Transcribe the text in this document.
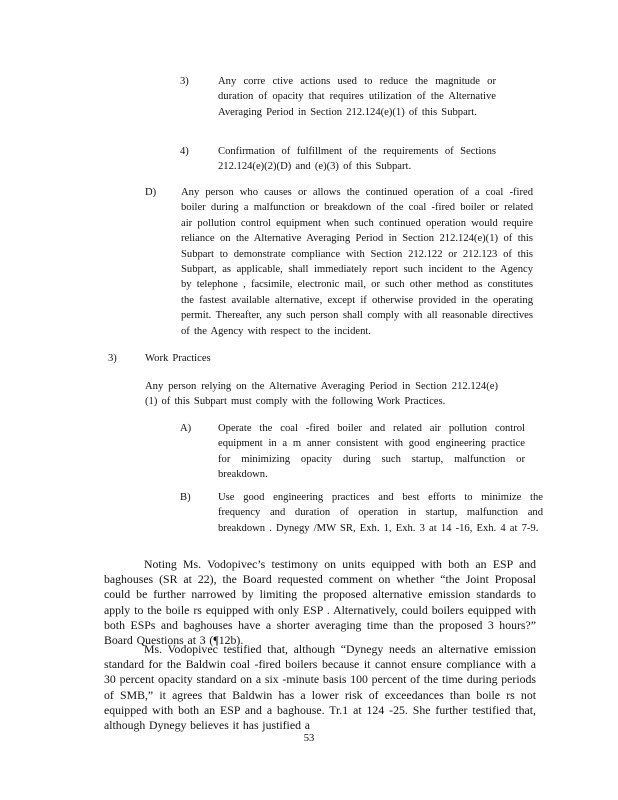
3)	Any corre ctive actions used to reduce the magnitude or duration of opacity that requires utilization of the Alternative Averaging Period in Section 212.124(e)(1) of this Subpart.
4)	Confirmation of fulfillment of the requirements of Sections 212.124(e)(2)(D) and (e)(3) of this Subpart.
D) Any person who causes or allows the continued operation of a coal -fired boiler during a malfunction or breakdown of the coal -fired boiler or related air pollution control equipment when such continued operation would require reliance on the Alternative Averaging Period in Section 212.124(e)(1) of this Subpart to demonstrate compliance with Section 212.122 or 212.123 of this Subpart, as applicable, shall immediately report such incident to the Agency by telephone , facsimile, electronic mail, or such other method as constitutes the fastest available alternative, except if otherwise provided in the operating permit. Thereafter, any such person shall comply with all reasonable directives of the Agency with respect to the incident.
3)	Work Practices
Any person relying on the Alternative Averaging Period in Section 212.124(e)(1) of this Subpart must comply with the following Work Practices.
A)	Operate the coal -fired boiler and related air pollution control equipment in a m anner consistent with good engineering practice for minimizing opacity during such startup, malfunction or breakdown.
B)	Use good engineering practices and best efforts to minimize the frequency and duration of operation in startup, malfunction and breakdown . Dynegy /MW SR, Exh. 1, Exh. 3 at 14 -16, Exh. 4 at 7-9.
Noting Ms. Vodopivec’s testimony on units equipped with both an ESP and baghouses (SR at 22), the Board requested comment on whether “the Joint Proposal could be further narrowed by limiting the proposed alternative emission standards to apply to the boile rs equipped with only ESP . Alternatively, could boilers equipped with both ESPs and baghouses have a shorter averaging time than the proposed 3 hours?” Board Questions at 3 (¶12b).
Ms. Vodopivec testified that, although “Dynegy needs an alternative emission standard for the Baldwin coal -fired boilers because it cannot ensure compliance with a 30 percent opacity standard on a six -minute basis 100 percent of the time during periods of SMB,” it agrees that Baldwin has a lower risk of exceedances than boile rs not equipped with both an ESP and a baghouse. Tr.1 at 124 -25. She further testified that, although Dynegy believes it has justified a
53
